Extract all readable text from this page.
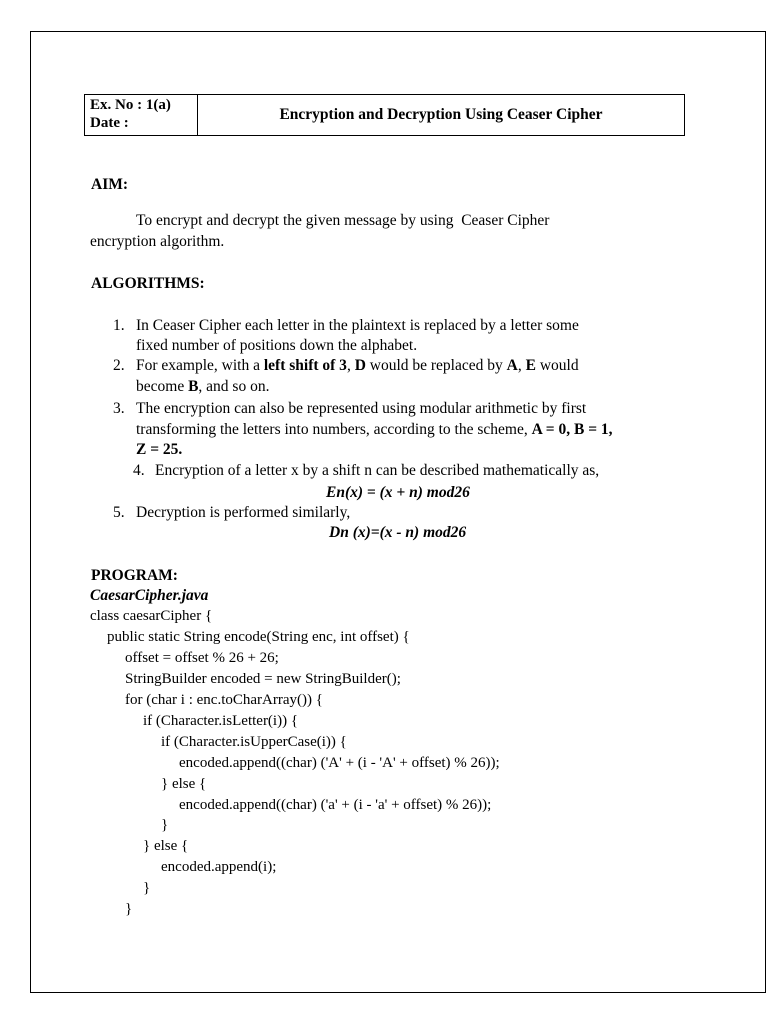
Ex. No : 1(a)
Date :	Encryption and Decryption Using Ceaser Cipher
AIM:
To encrypt and decrypt the given message by using  Ceaser Cipher
encryption algorithm.
ALGORITHMS:
1. In Ceaser Cipher each letter in the plaintext is replaced by a letter some
fixed number of positions down the alphabet.
2. For example, with a left shift of 3, D would be replaced by A, E would
become B, and so on.
3. The encryption can also be represented using modular arithmetic by first
transforming the letters into numbers, according to the scheme, A = 0, B = 1,
Z = 25.
4. Encryption of a letter x by a shift n can be described mathematically as,
En(x) = (x + n) mod26
5. Decryption is performed similarly,
Dn (x)=(x - n) mod26
PROGRAM:
CaesarCipher.java
class caesarCipher {
public static String encode(String enc, int offset) {
offset = offset % 26 + 26;
StringBuilder encoded = new StringBuilder();
for (char i : enc.toCharArray()) {
if (Character.isLetter(i)) {
if (Character.isUpperCase(i)) {
encoded.append((char) ('A' + (i - 'A' + offset) % 26));
} else {
encoded.append((char) ('a' + (i - 'a' + offset) % 26));
}
} else {
encoded.append(i);
}
}
